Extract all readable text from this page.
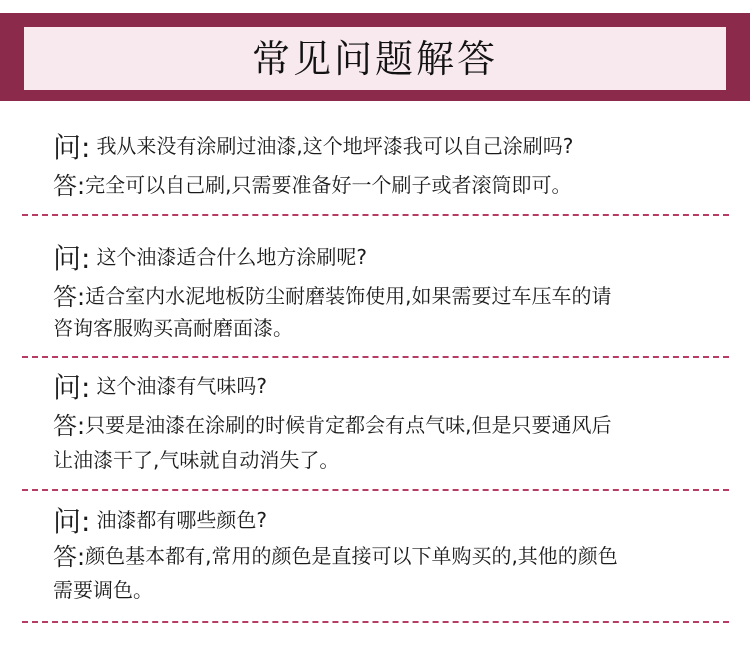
常见问题解答
问: 我从来没有涂刷过油漆,这个地坪漆我可以自己涂刷吗?
答:完全可以自己刷,只需要准备好一个刷子或者滚筒即可。
问: 这个油漆适合什么地方涂刷呢?
答:适合室内水泥地板防尘耐磨装饰使用,如果需要过车压车的请
咨询客服购买高耐磨面漆。
问: 这个油漆有气味吗?
答:只要是油漆在涂刷的时候肯定都会有点气味,但是只要通风后
让油漆干了,气味就自动消失了。
问: 油漆都有哪些颜色?
答:颜色基本都有,常用的颜色是直接可以下单购买的,其他的颜色
需要调色。
